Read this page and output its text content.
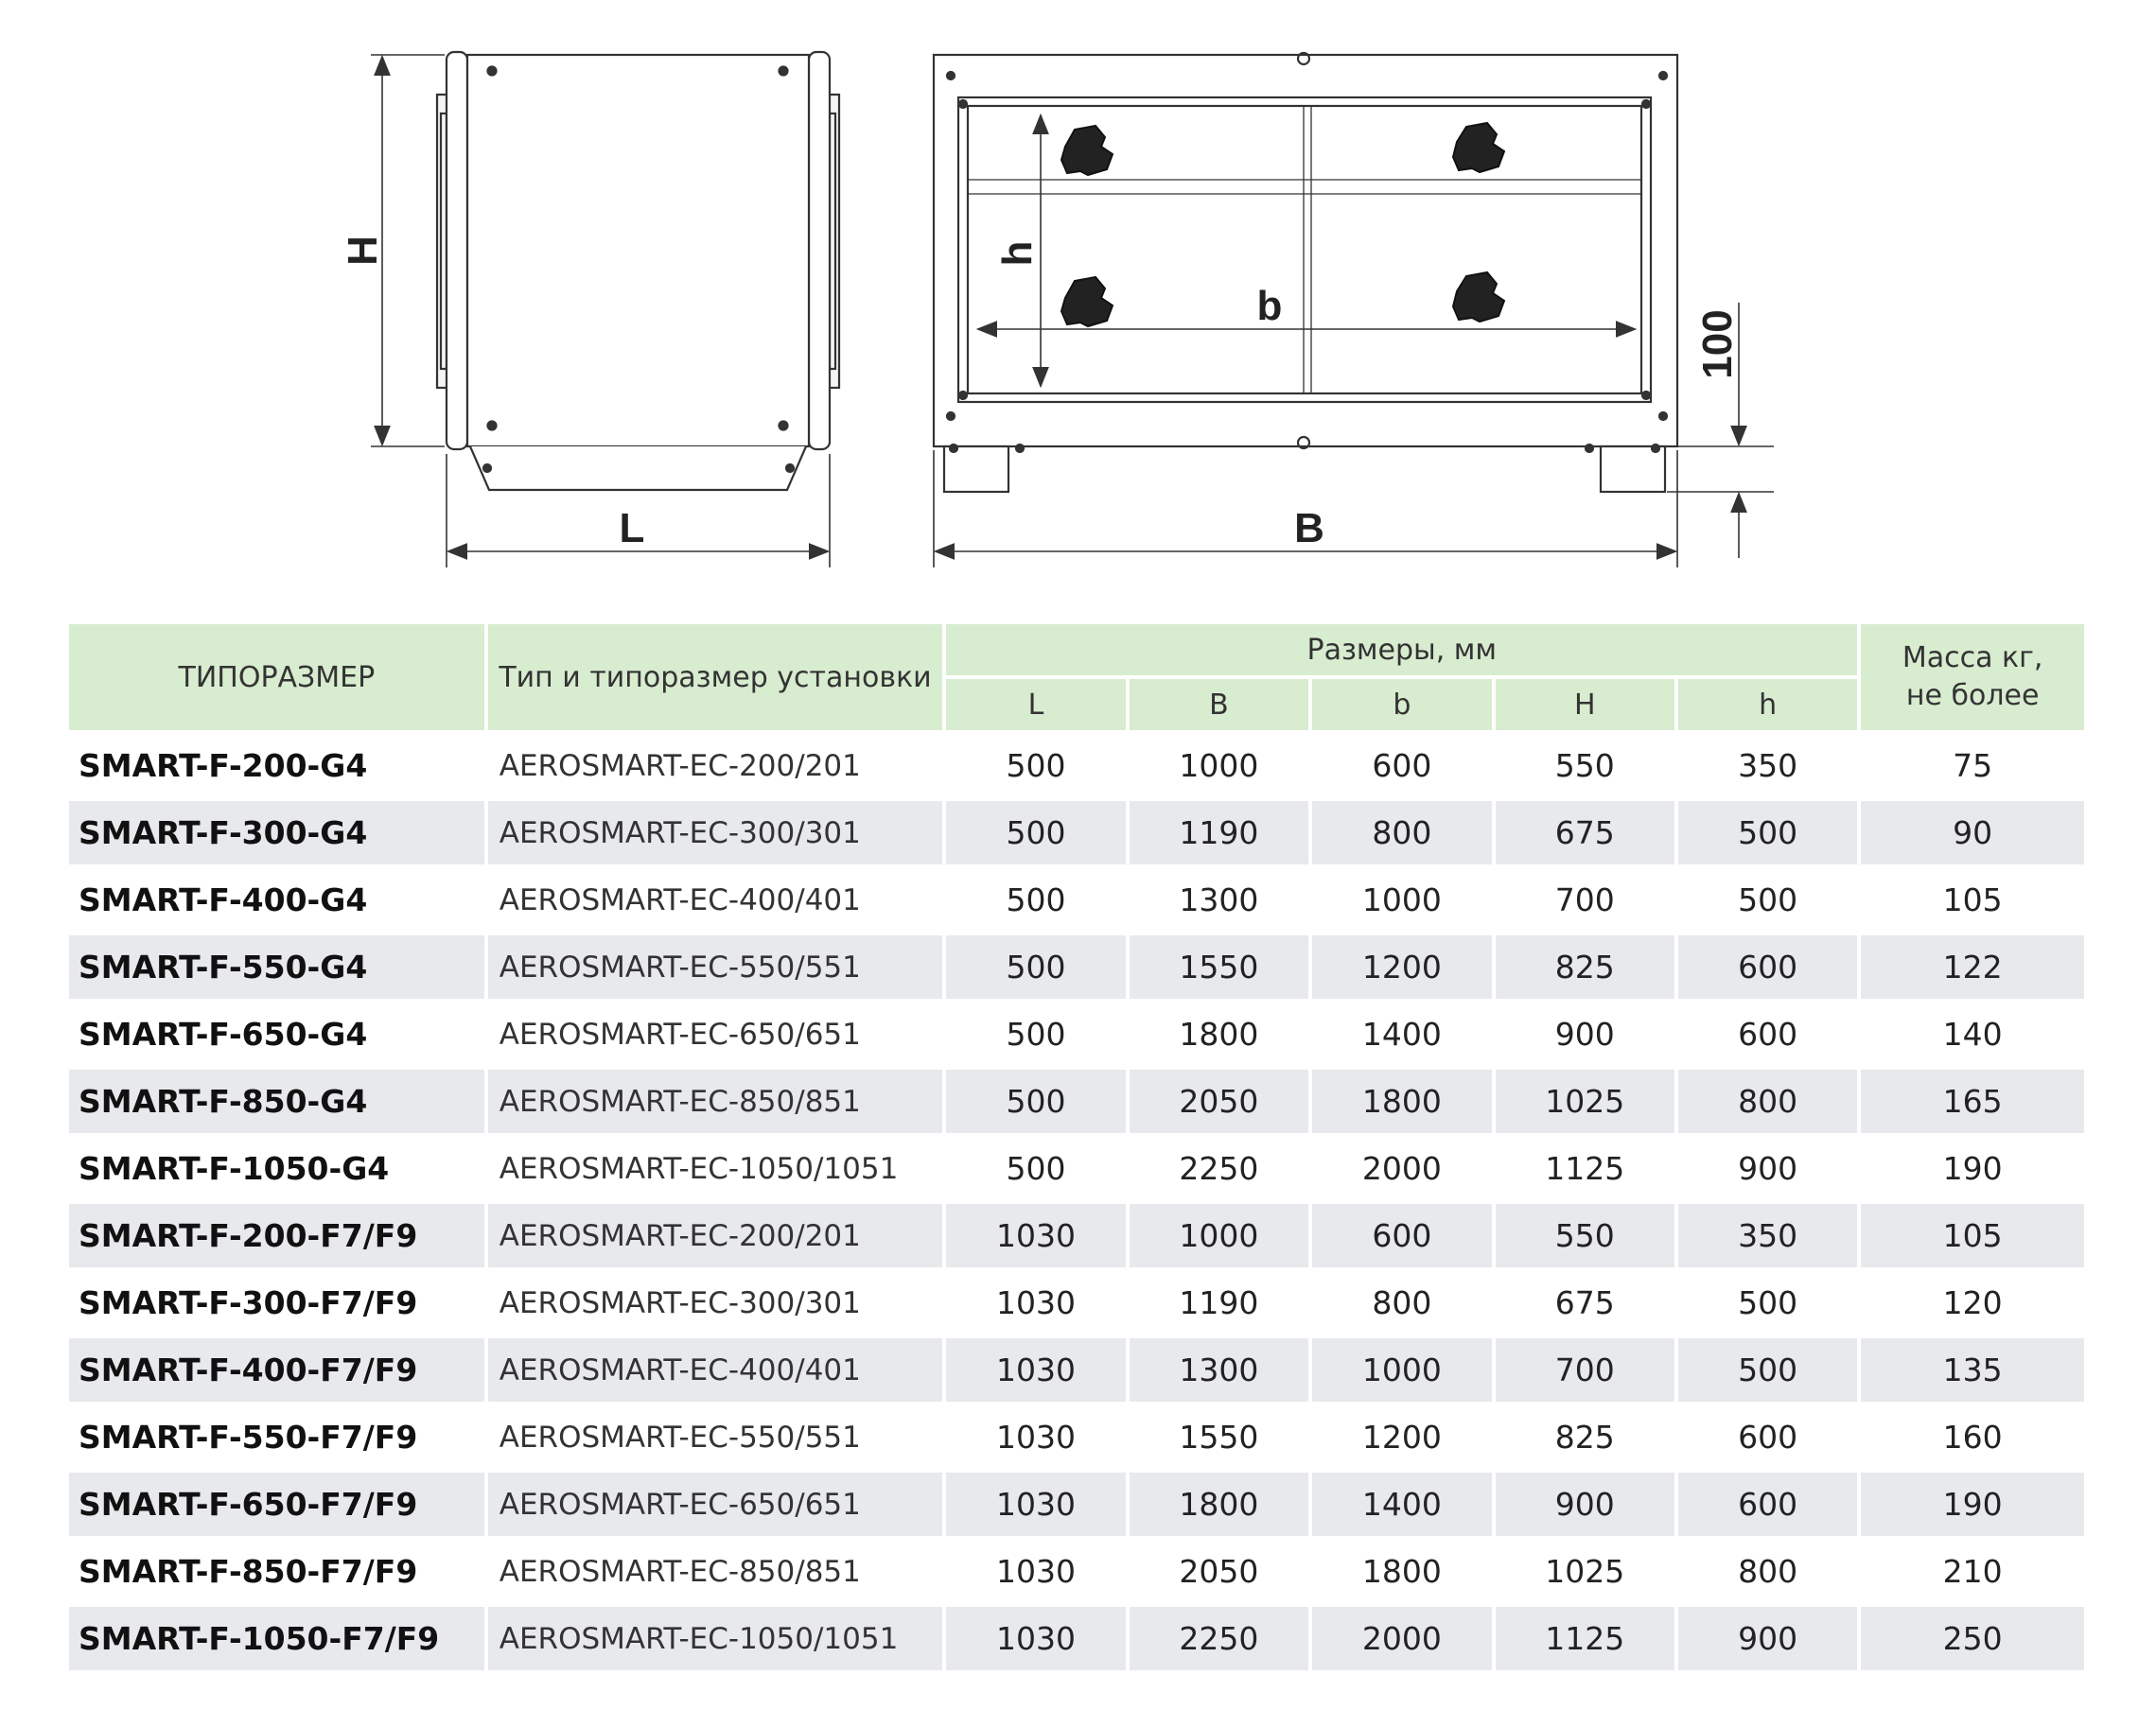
H
L
h
b
B
100
ТИПОРАЗМЕР	Тип и типоразмер установки	Размеры, мм					Масса кг, не более
		L	B	b	H	h	
SMART-F-200-G4	AEROSMART-EC-200/201	500	1000	600	550	350	75
SMART-F-300-G4	AEROSMART-EC-300/301	500	1190	800	675	500	90
SMART-F-400-G4	AEROSMART-EC-400/401	500	1300	1000	700	500	105
SMART-F-550-G4	AEROSMART-EC-550/551	500	1550	1200	825	600	122
SMART-F-650-G4	AEROSMART-EC-650/651	500	1800	1400	900	600	140
SMART-F-850-G4	AEROSMART-EC-850/851	500	2050	1800	1025	800	165
SMART-F-1050-G4	AEROSMART-EC-1050/1051	500	2250	2000	1125	900	190
SMART-F-200-F7/F9	AEROSMART-EC-200/201	1030	1000	600	550	350	105
SMART-F-300-F7/F9	AEROSMART-EC-300/301	1030	1190	800	675	500	120
SMART-F-400-F7/F9	AEROSMART-EC-400/401	1030	1300	1000	700	500	135
SMART-F-550-F7/F9	AEROSMART-EC-550/551	1030	1550	1200	825	600	160
SMART-F-650-F7/F9	AEROSMART-EC-650/651	1030	1800	1400	900	600	190
SMART-F-850-F7/F9	AEROSMART-EC-850/851	1030	2050	1800	1025	800	210
SMART-F-1050-F7/F9	AEROSMART-EC-1050/1051	1030	2250	2000	1125	900	250
